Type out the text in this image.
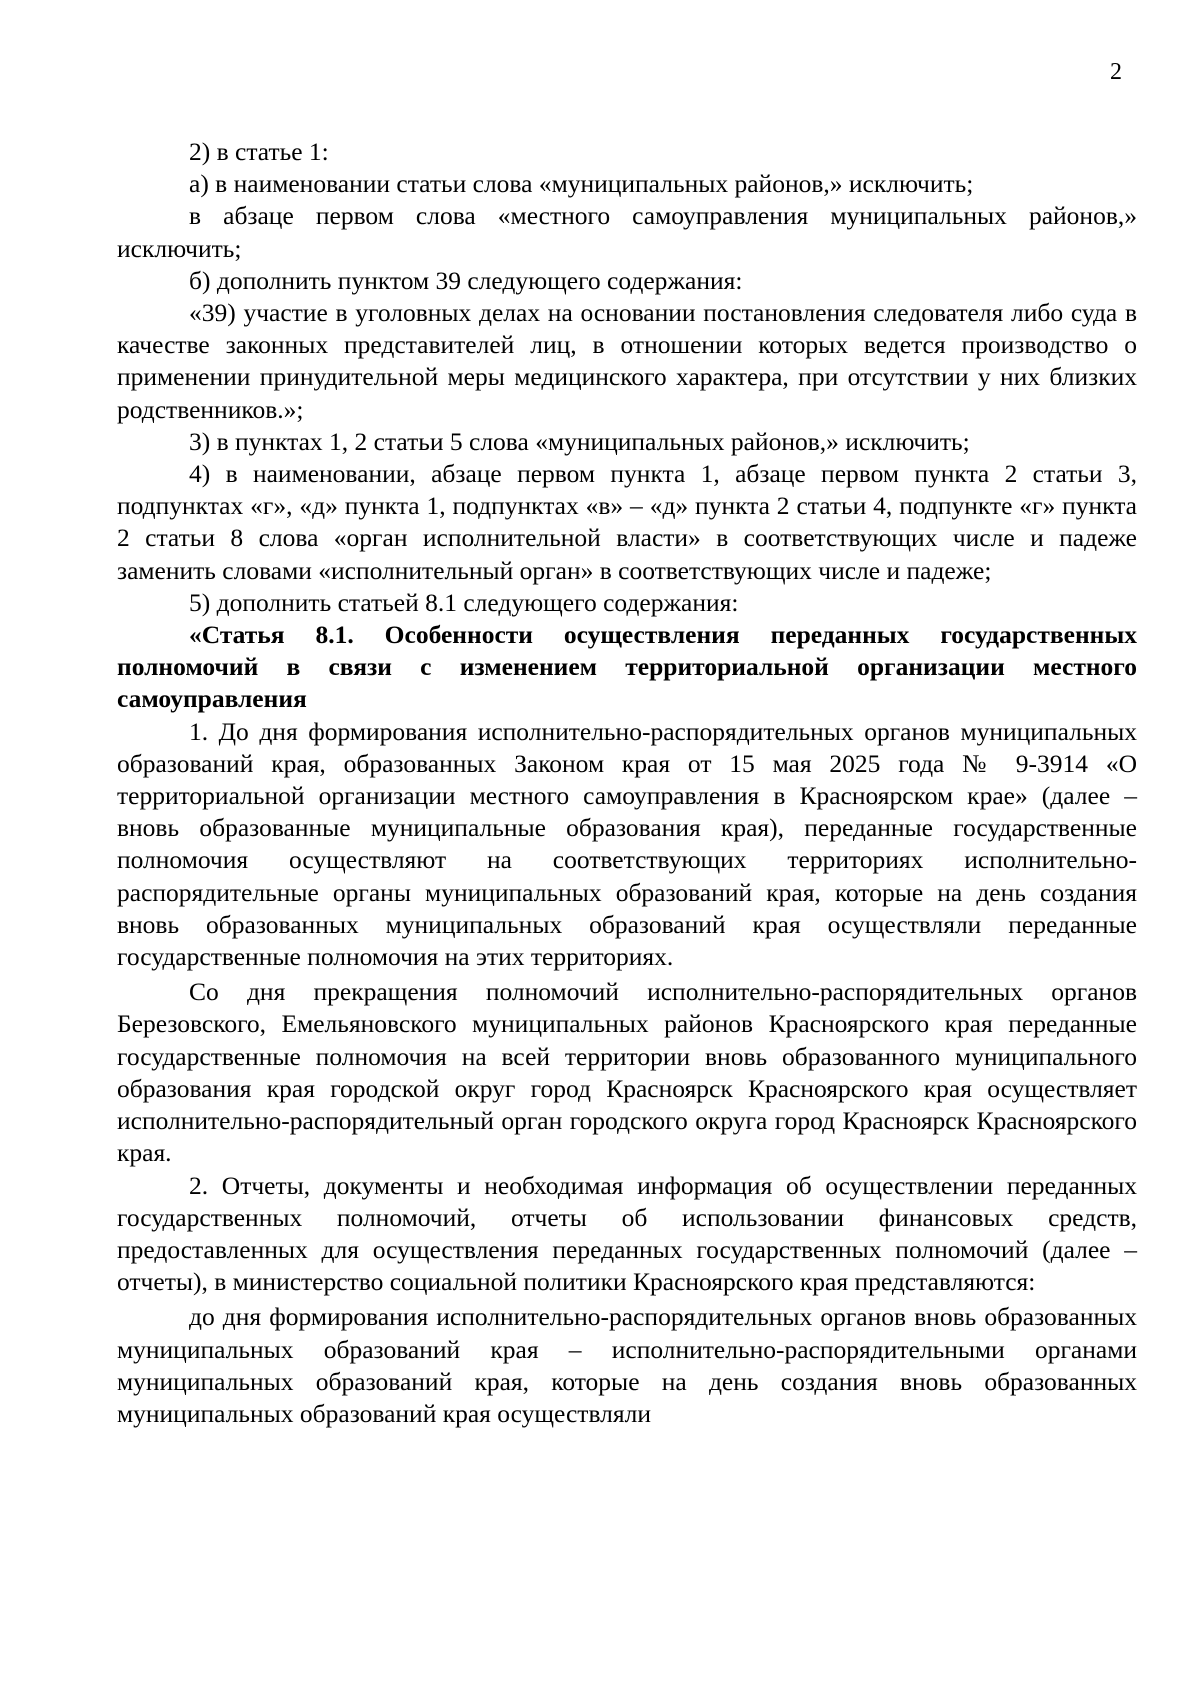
2

2) в статье 1:

а) в наименовании статьи слова «муниципальных районов,» исключить;

в абзаце первом слова «местного самоуправления муниципальных районов,» исключить;

б) дополнить пунктом 39 следующего содержания:

«39) участие в уголовных делах на основании постановления следователя либо суда в качестве законных представителей лиц, в отношении которых ведется производство о применении принудительной меры медицинского характера, при отсутствии у них близких родственников.»;

3) в пунктах 1, 2 статьи 5 слова «муниципальных районов,» исключить;

4) в наименовании, абзаце первом пункта 1, абзаце первом пункта 2 статьи 3, подпунктах «г», «д» пункта 1, подпунктах «в» – «д» пункта 2 статьи 4, подпункте «г» пункта 2 статьи 8 слова «орган исполнительной власти» в соответствующих числе и падеже заменить словами «исполнительный орган» в соответствующих числе и падеже;

5) дополнить статьей 8.1 следующего содержания:

«Статья 8.1. Особенности осуществления переданных государственных полномочий в связи с изменением территориальной организации местного самоуправления

1. До дня формирования исполнительно-распорядительных органов муниципальных образований края, образованных Законом края от 15 мая 2025 года № 9-3914 «О территориальной организации местного самоуправления в Красноярском крае» (далее – вновь образованные муниципальные образования края), переданные государственные полномочия осуществляют на соответствующих территориях исполнительно-распорядительные органы муниципальных образований края, которые на день создания вновь образованных муниципальных образований края осуществляли переданные государственные полномочия на этих территориях.

Со дня прекращения полномочий исполнительно-распорядительных органов Березовского, Емельяновского муниципальных районов Красноярского края переданные государственные полномочия на всей территории вновь образованного муниципального образования края городской округ город Красноярск Красноярского края осуществляет исполнительно-распорядительный орган городского округа город Красноярск Красноярского края.

2. Отчеты, документы и необходимая информация об осуществлении переданных государственных полномочий, отчеты об использовании финансовых средств, предоставленных для осуществления переданных государственных полномочий (далее – отчеты), в министерство социальной политики Красноярского края представляются:

до дня формирования исполнительно-распорядительных органов вновь образованных муниципальных образований края – исполнительно-распорядительными органами муниципальных образований края, которые на день создания вновь образованных муниципальных образований края осуществляли
